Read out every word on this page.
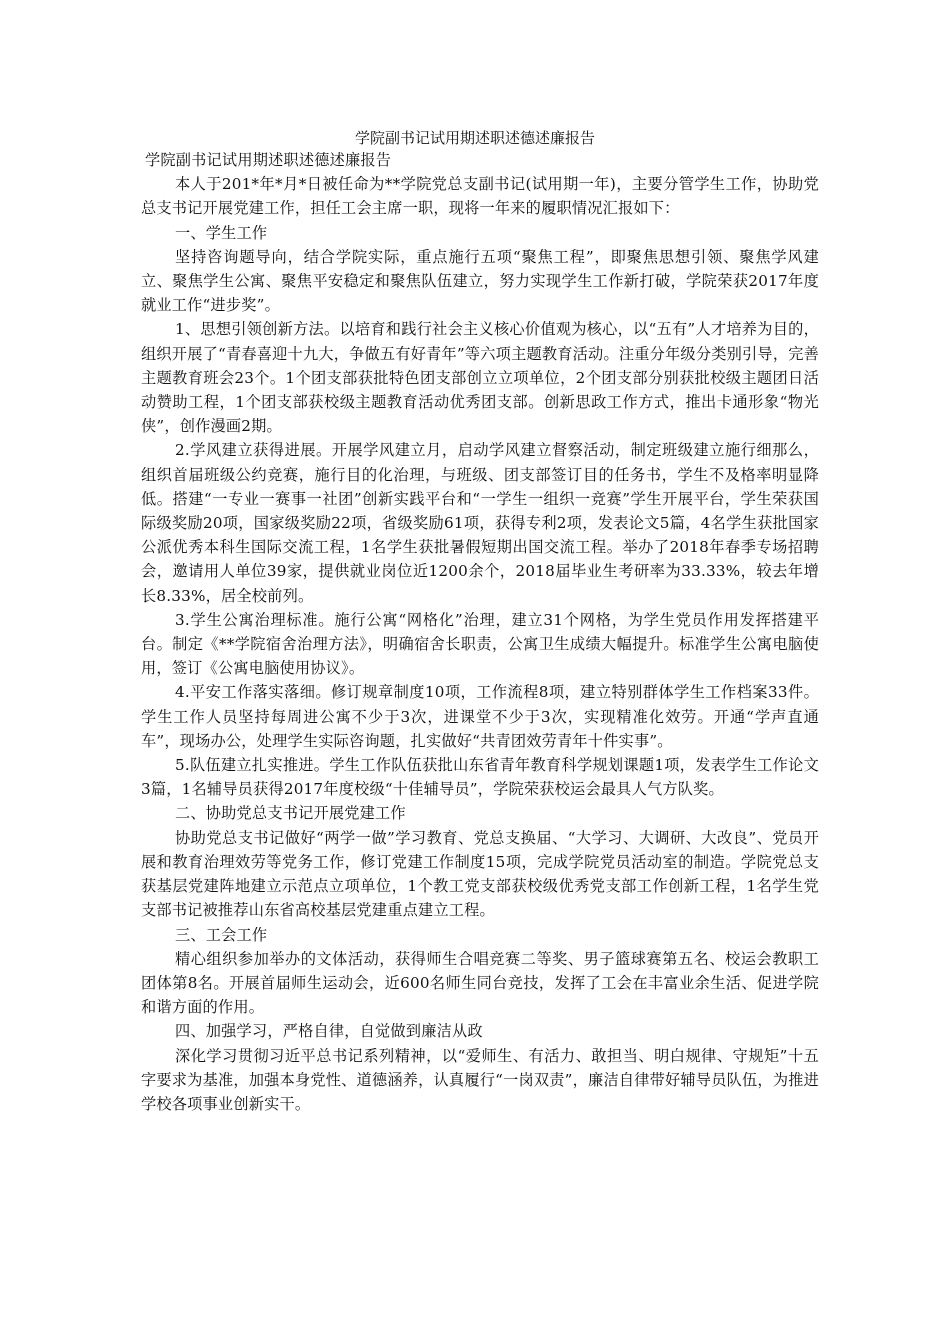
学院副书记试用期述职述德述廉报告

学院副书记试用期述职述德述廉报告

本人于201*年*月*日被任命为**学院党总支副书记(试用期一年)，主要分管学生工作，协助党总支书记开展党建工作，担任工会主席一职，现将一年来的履职情况汇报如下：

一、学生工作

坚持咨询题导向，结合学院实际，重点施行五项“聚焦工程”，即聚焦思想引领、聚焦学风建立、聚焦学生公寓、聚焦平安稳定和聚焦队伍建立，努力实现学生工作新打破，学院荣获2017年度就业工作“进步奖”。

1、思想引领创新方法。以培育和践行社会主义核心价值观为核心，以“五有”人才培养为目的，组织开展了“青春喜迎十九大，争做五有好青年”等六项主题教育活动。注重分年级分类别引导，完善主题教育班会23个。1个团支部获批特色团支部创立立项单位，2个团支部分别获批校级主题团日活动赞助工程，1个团支部获校级主题教育活动优秀团支部。创新思政工作方式，推出卡通形象“物光侠”，创作漫画2期。

2.学风建立获得进展。开展学风建立月，启动学风建立督察活动，制定班级建立施行细那么，组织首届班级公约竞赛，施行目的化治理，与班级、团支部签订目的任务书，学生不及格率明显降低。搭建“一专业一赛事一社团”创新实践平台和“一学生一组织一竞赛”学生开展平台，学生荣获国际级奖励20项，国家级奖励22项，省级奖励61项，获得专利2项，发表论文5篇，4名学生获批国家公派优秀本科生国际交流工程，1名学生获批暑假短期出国交流工程。举办了2018年春季专场招聘会，邀请用人单位39家，提供就业岗位近1200余个，2018届毕业生考研率为33.33%，较去年增长8.33%，居全校前列。

3.学生公寓治理标准。施行公寓“网格化”治理，建立31个网格，为学生党员作用发挥搭建平台。制定《**学院宿舍治理方法》，明确宿舍长职责，公寓卫生成绩大幅提升。标准学生公寓电脑使用，签订《公寓电脑使用协议》。

4.平安工作落实落细。修订规章制度10项，工作流程8项，建立特别群体学生工作档案33件。学生工作人员坚持每周进公寓不少于3次，进课堂不少于3次，实现精准化效劳。开通“学声直通车”，现场办公，处理学生实际咨询题，扎实做好“共青团效劳青年十件实事”。

5.队伍建立扎实推进。学生工作队伍获批山东省青年教育科学规划课题1项，发表学生工作论文3篇，1名辅导员获得2017年度校级“十佳辅导员”，学院荣获校运会最具人气方队奖。

二、协助党总支书记开展党建工作

协助党总支书记做好“两学一做”学习教育、党总支换届、“大学习、大调研、大改良”、党员开展和教育治理效劳等党务工作，修订党建工作制度15项，完成学院党员活动室的制造。学院党总支获基层党建阵地建立示范点立项单位，1个教工党支部获校级优秀党支部工作创新工程，1名学生党支部书记被推荐山东省高校基层党建重点建立工程。

三、工会工作

精心组织参加举办的文体活动，获得师生合唱竞赛二等奖、男子篮球赛第五名、校运会教职工团体第8名。开展首届师生运动会，近600名师生同台竞技，发挥了工会在丰富业余生活、促进学院和谐方面的作用。

四、加强学习，严格自律，自觉做到廉洁从政

深化学习贯彻习近平总书记系列精神，以“爱师生、有活力、敢担当、明白规律、守规矩”十五字要求为基准，加强本身党性、道德涵养，认真履行“一岗双责”，廉洁自律带好辅导员队伍，为推进学校各项事业创新实干。
